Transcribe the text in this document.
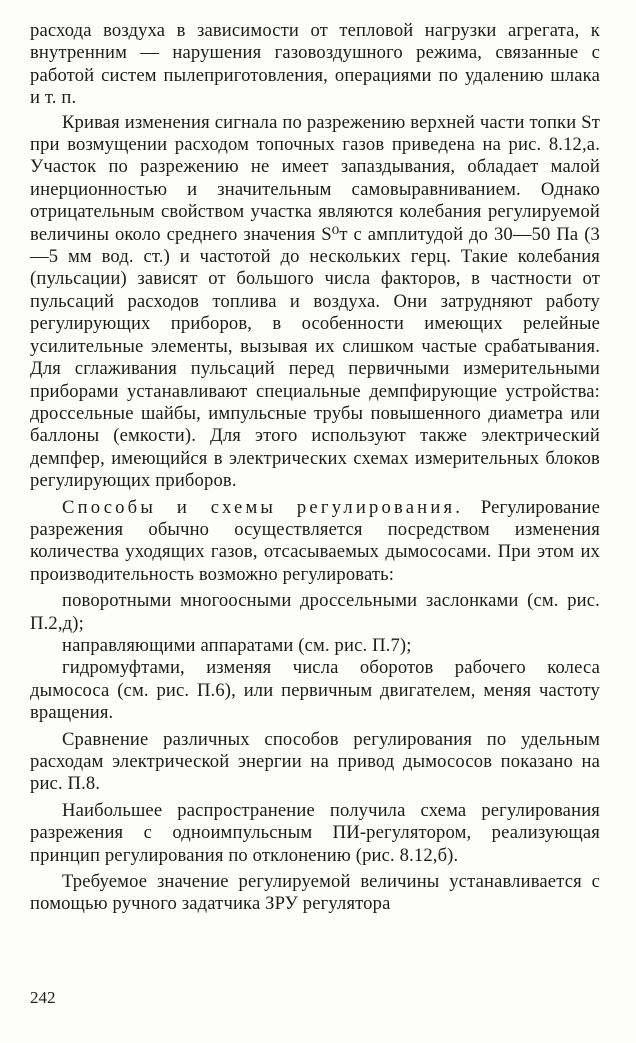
расхода воздуха в зависимости от тепловой нагрузки агрегата, к внутренним — нарушения газовоздушного режима, связанные с работой систем пылеприготовления, операциями по удалению шлака и т. п.

Кривая изменения сигнала по разрежению верхней части топки Sт при возмущении расходом топочных газов приведена на рис. 8.12,а. Участок по разрежению не имеет запаздывания, обладает малой инерционностью и значительным самовыравниванием. Однако отрицательным свойством участка являются колебания регулируемой величины около среднего значения S⁰т с амплитудой до 30—50 Па (3—5 мм вод. ст.) и частотой до нескольких герц. Такие колебания (пульсации) зависят от большого числа факторов, в частности от пульсаций расходов топлива и воздуха. Они затрудняют работу регулирующих приборов, в особенности имеющих релейные усилительные элементы, вызывая их слишком частые срабатывания. Для сглаживания пульсаций перед первичными измерительными приборами устанавливают специальные демпфирующие устройства: дроссельные шайбы, импульсные трубы повышенного диаметра или баллоны (емкости). Для этого используют также электрический демпфер, имеющийся в электрических схемах измерительных блоков регулирующих приборов.

Способы и схемы регулирования. Регулирование разрежения обычно осуществляется посредством изменения количества уходящих газов, отсасываемых дымососами. При этом их производительность возможно регулировать:

поворотными многоосными дроссельными заслонками (см. рис. П.2,д);

направляющими аппаратами (см. рис. П.7);

гидромуфтами, изменяя числа оборотов рабочего колеса дымососа (см. рис. П.6), или первичным двигателем, меняя частоту вращения.

Сравнение различных способов регулирования по удельным расходам электрической энергии на привод дымососов показано на рис. П.8.

Наибольшее распространение получила схема регулирования разрежения с одноимпульсным ПИ-регулятором, реализующая принцип регулирования по отклонению (рис. 8.12,б).

Требуемое значение регулируемой величины устанавливается с помощью ручного задатчика ЗРУ регулятора

242
